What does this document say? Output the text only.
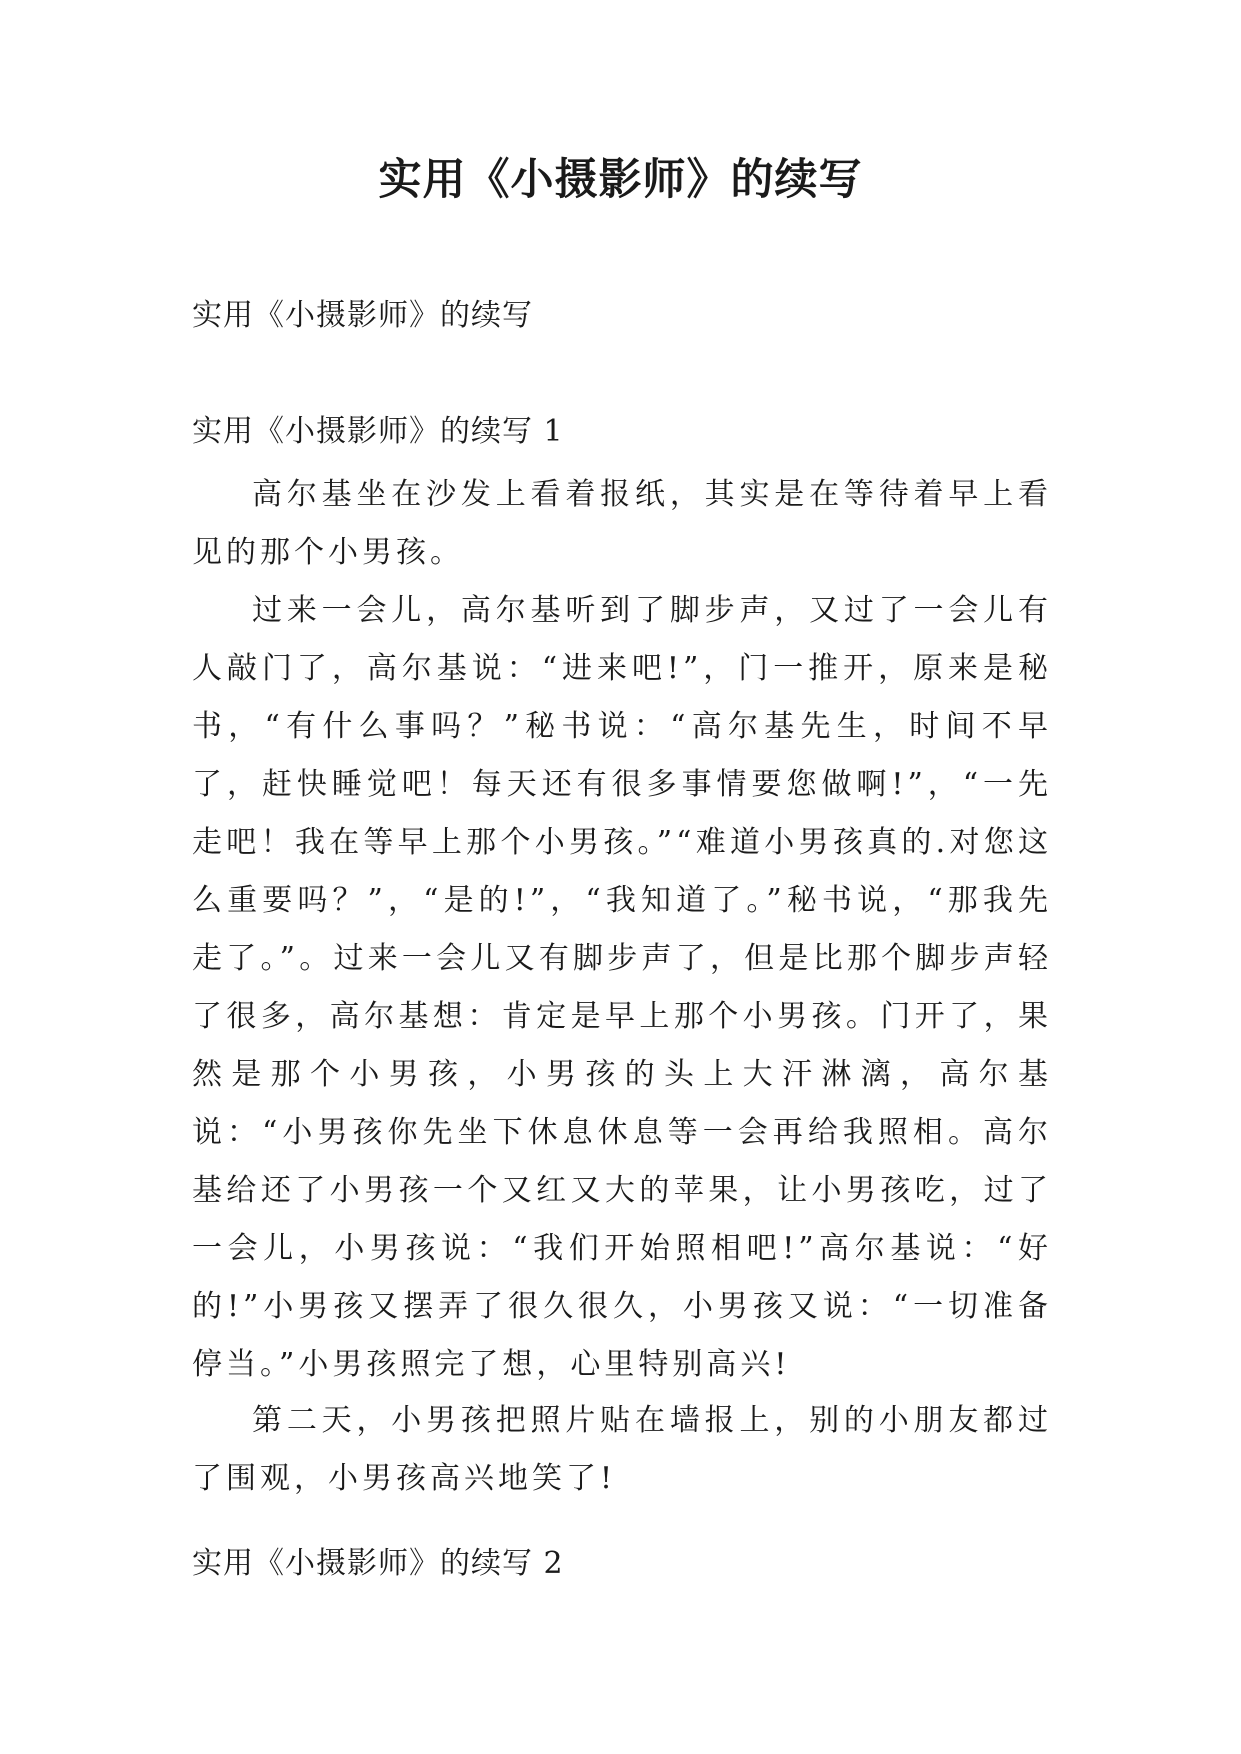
实用《小摄影师》的续写
实用《小摄影师》的续写
实用《小摄影师》的续写 1

高尔基坐在沙发上看着报纸，其实是在等待着早上看见的那个小男孩。

过来一会儿，高尔基听到了脚步声，又过了一会儿有人敲门了，高尔基说：“进来吧!”，门一推开，原来是秘书，“有什么事吗？”秘书说：“高尔基先生，时间不早了，赶快睡觉吧！每天还有很多事情要您做啊!”，“一先走吧！我在等早上那个小男孩。”“难道小男孩真的.对您这么重要吗？”，“是的!”，“我知道了。”秘书说，“那我先走了。”。过来一会儿又有脚步声了，但是比那个脚步声轻了很多，高尔基想：肯定是早上那个小男孩。门开了，果然是那个小男孩，小男孩的头上大汗淋漓，高尔基说：“小男孩你先坐下休息休息等一会再给我照相。高尔基给还了小男孩一个又红又大的苹果，让小男孩吃，过了一会儿，小男孩说：“我们开始照相吧!”高尔基说：“好的!”小男孩又摆弄了很久很久，小男孩又说：“一切准备停当。”小男孩照完了想，心里特别高兴!

第二天，小男孩把照片贴在墙报上，别的小朋友都过了围观，小男孩高兴地笑了!

实用《小摄影师》的续写 2
